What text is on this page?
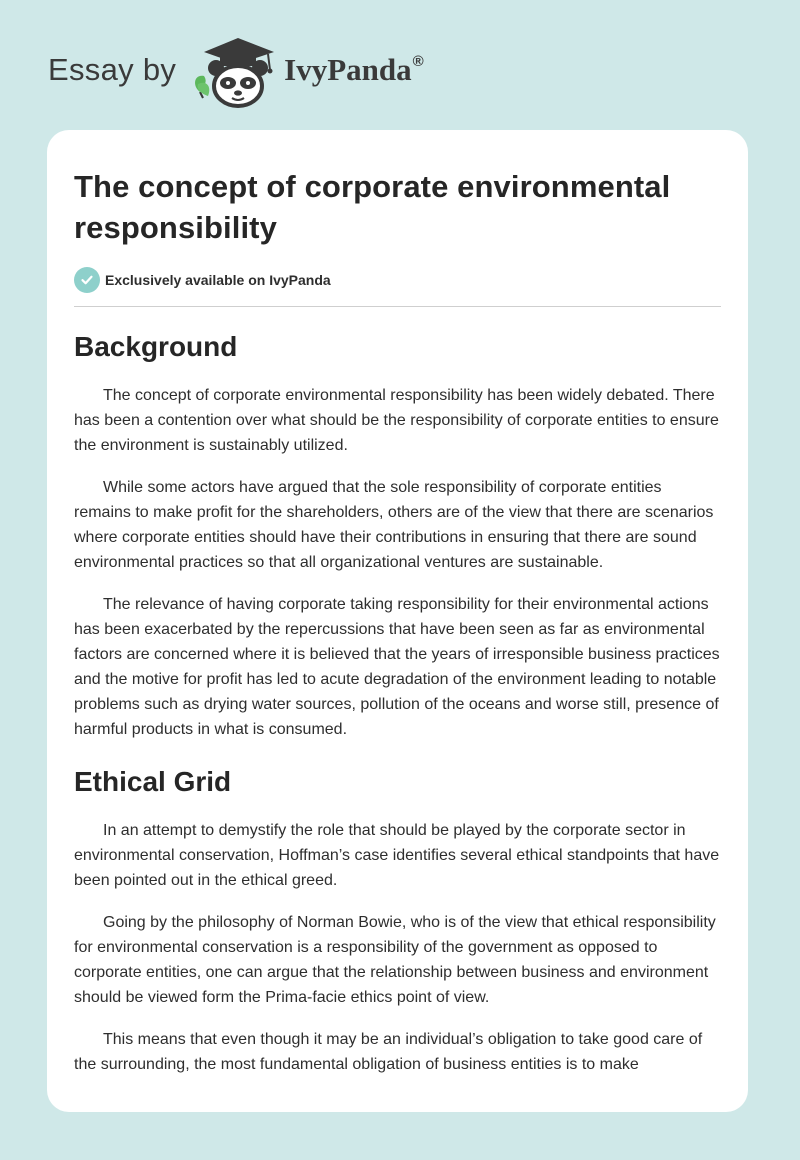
Essay by	IvyPanda®
The concept of corporate environmental responsibility
Exclusively available on IvyPanda
Background

The concept of corporate environmental responsibility has been widely debated. There has been a contention over what should be the responsibility of corporate entities to ensure the environment is sustainably utilized.

While some actors have argued that the sole responsibility of corporate entities remains to make profit for the shareholders, others are of the view that there are scenarios where corporate entities should have their contributions in ensuring that there are sound environmental practices so that all organizational ventures are sustainable.

The relevance of having corporate taking responsibility for their environmental actions has been exacerbated by the repercussions that have been seen as far as environmental factors are concerned where it is believed that the years of irresponsible business practices and the motive for profit has led to acute degradation of the environment leading to notable problems such as drying water sources, pollution of the oceans and worse still, presence of harmful products in what is consumed.

Ethical Grid

In an attempt to demystify the role that should be played by the corporate sector in environmental conservation, Hoffman’s case identifies several ethical standpoints that have been pointed out in the ethical greed.

Going by the philosophy of Norman Bowie, who is of the view that ethical responsibility for environmental conservation is a responsibility of the government as opposed to corporate entities, one can argue that the relationship between business and environment should be viewed form the Prima-facie ethics point of view.

This means that even though it may be an individual’s obligation to take good care of the surrounding, the most fundamental obligation of business entities is to make
